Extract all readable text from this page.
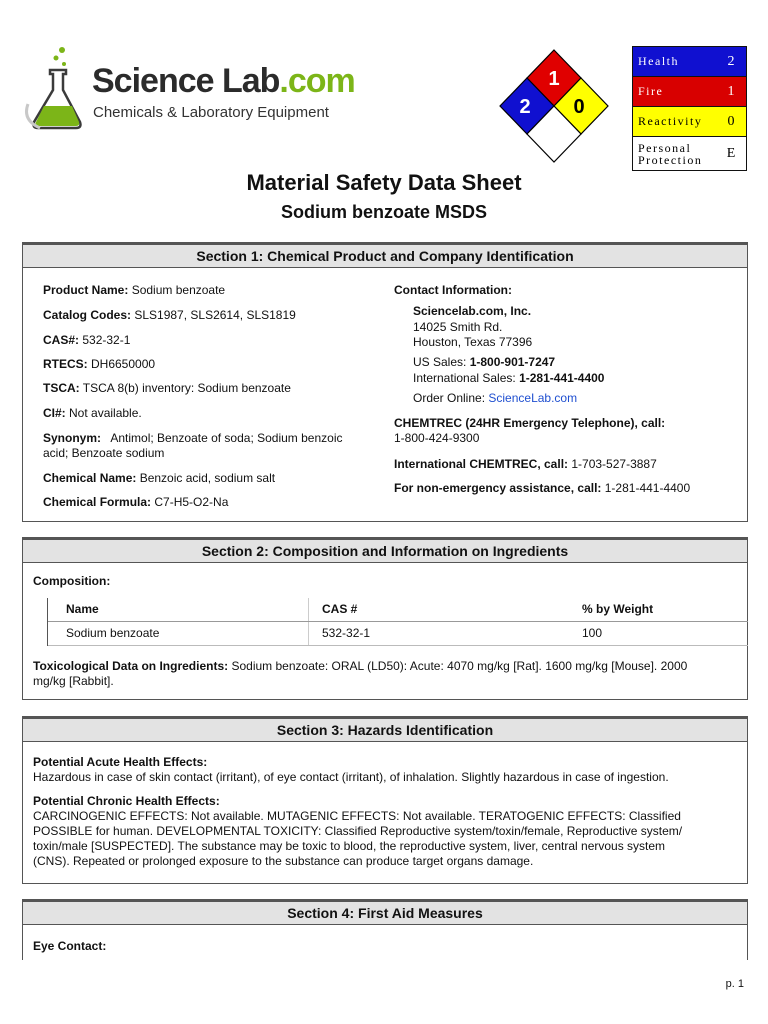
Science Lab.com
Chemicals & Laboratory Equipment
1
2 0
Health	2
Fire	1
Reactivity	0
Personal
Protection	E
Material Safety Data Sheet
Sodium benzoate MSDS
Section 1: Chemical Product and Company Identification
Product Name: Sodium benzoate
Catalog Codes: SLS1987, SLS2614, SLS1819
CAS#: 532-32-1
RTECS: DH6650000
TSCA: TSCA 8(b) inventory: Sodium benzoate
CI#: Not available.
Synonym:   Antimol; Benzoate of soda; Sodium benzoic
acid; Benzoate sodium
Chemical Name: Benzoic acid, sodium salt
Chemical Formula: C7-H5-O2-Na
Contact Information:
Sciencelab.com, Inc.
14025 Smith Rd.
Houston, Texas 77396
US Sales: 1-800-901-7247
International Sales: 1-281-441-4400
Order Online: ScienceLab.com
CHEMTREC (24HR Emergency Telephone), call:
1-800-424-9300
International CHEMTREC, call: 1-703-527-3887
For non-emergency assistance, call: 1-281-441-4400
Section 2: Composition and Information on Ingredients
Composition:
Name	CAS #	% by Weight
Sodium benzoate	532-32-1	100
Toxicological Data on Ingredients: Sodium benzoate: ORAL (LD50): Acute: 4070 mg/kg [Rat]. 1600 mg/kg [Mouse]. 2000
mg/kg [Rabbit].
Section 3: Hazards Identification
Potential Acute Health Effects:
Hazardous in case of skin contact (irritant), of eye contact (irritant), of inhalation. Slightly hazardous in case of ingestion.
Potential Chronic Health Effects:
CARCINOGENIC EFFECTS: Not available. MUTAGENIC EFFECTS: Not available. TERATOGENIC EFFECTS: Classified
POSSIBLE for human. DEVELOPMENTAL TOXICITY: Classified Reproductive system/toxin/female, Reproductive system/
toxin/male [SUSPECTED]. The substance may be toxic to blood, the reproductive system, liver, central nervous system
(CNS). Repeated or prolonged exposure to the substance can produce target organs damage.
Section 4: First Aid Measures
Eye Contact:
p. 1
